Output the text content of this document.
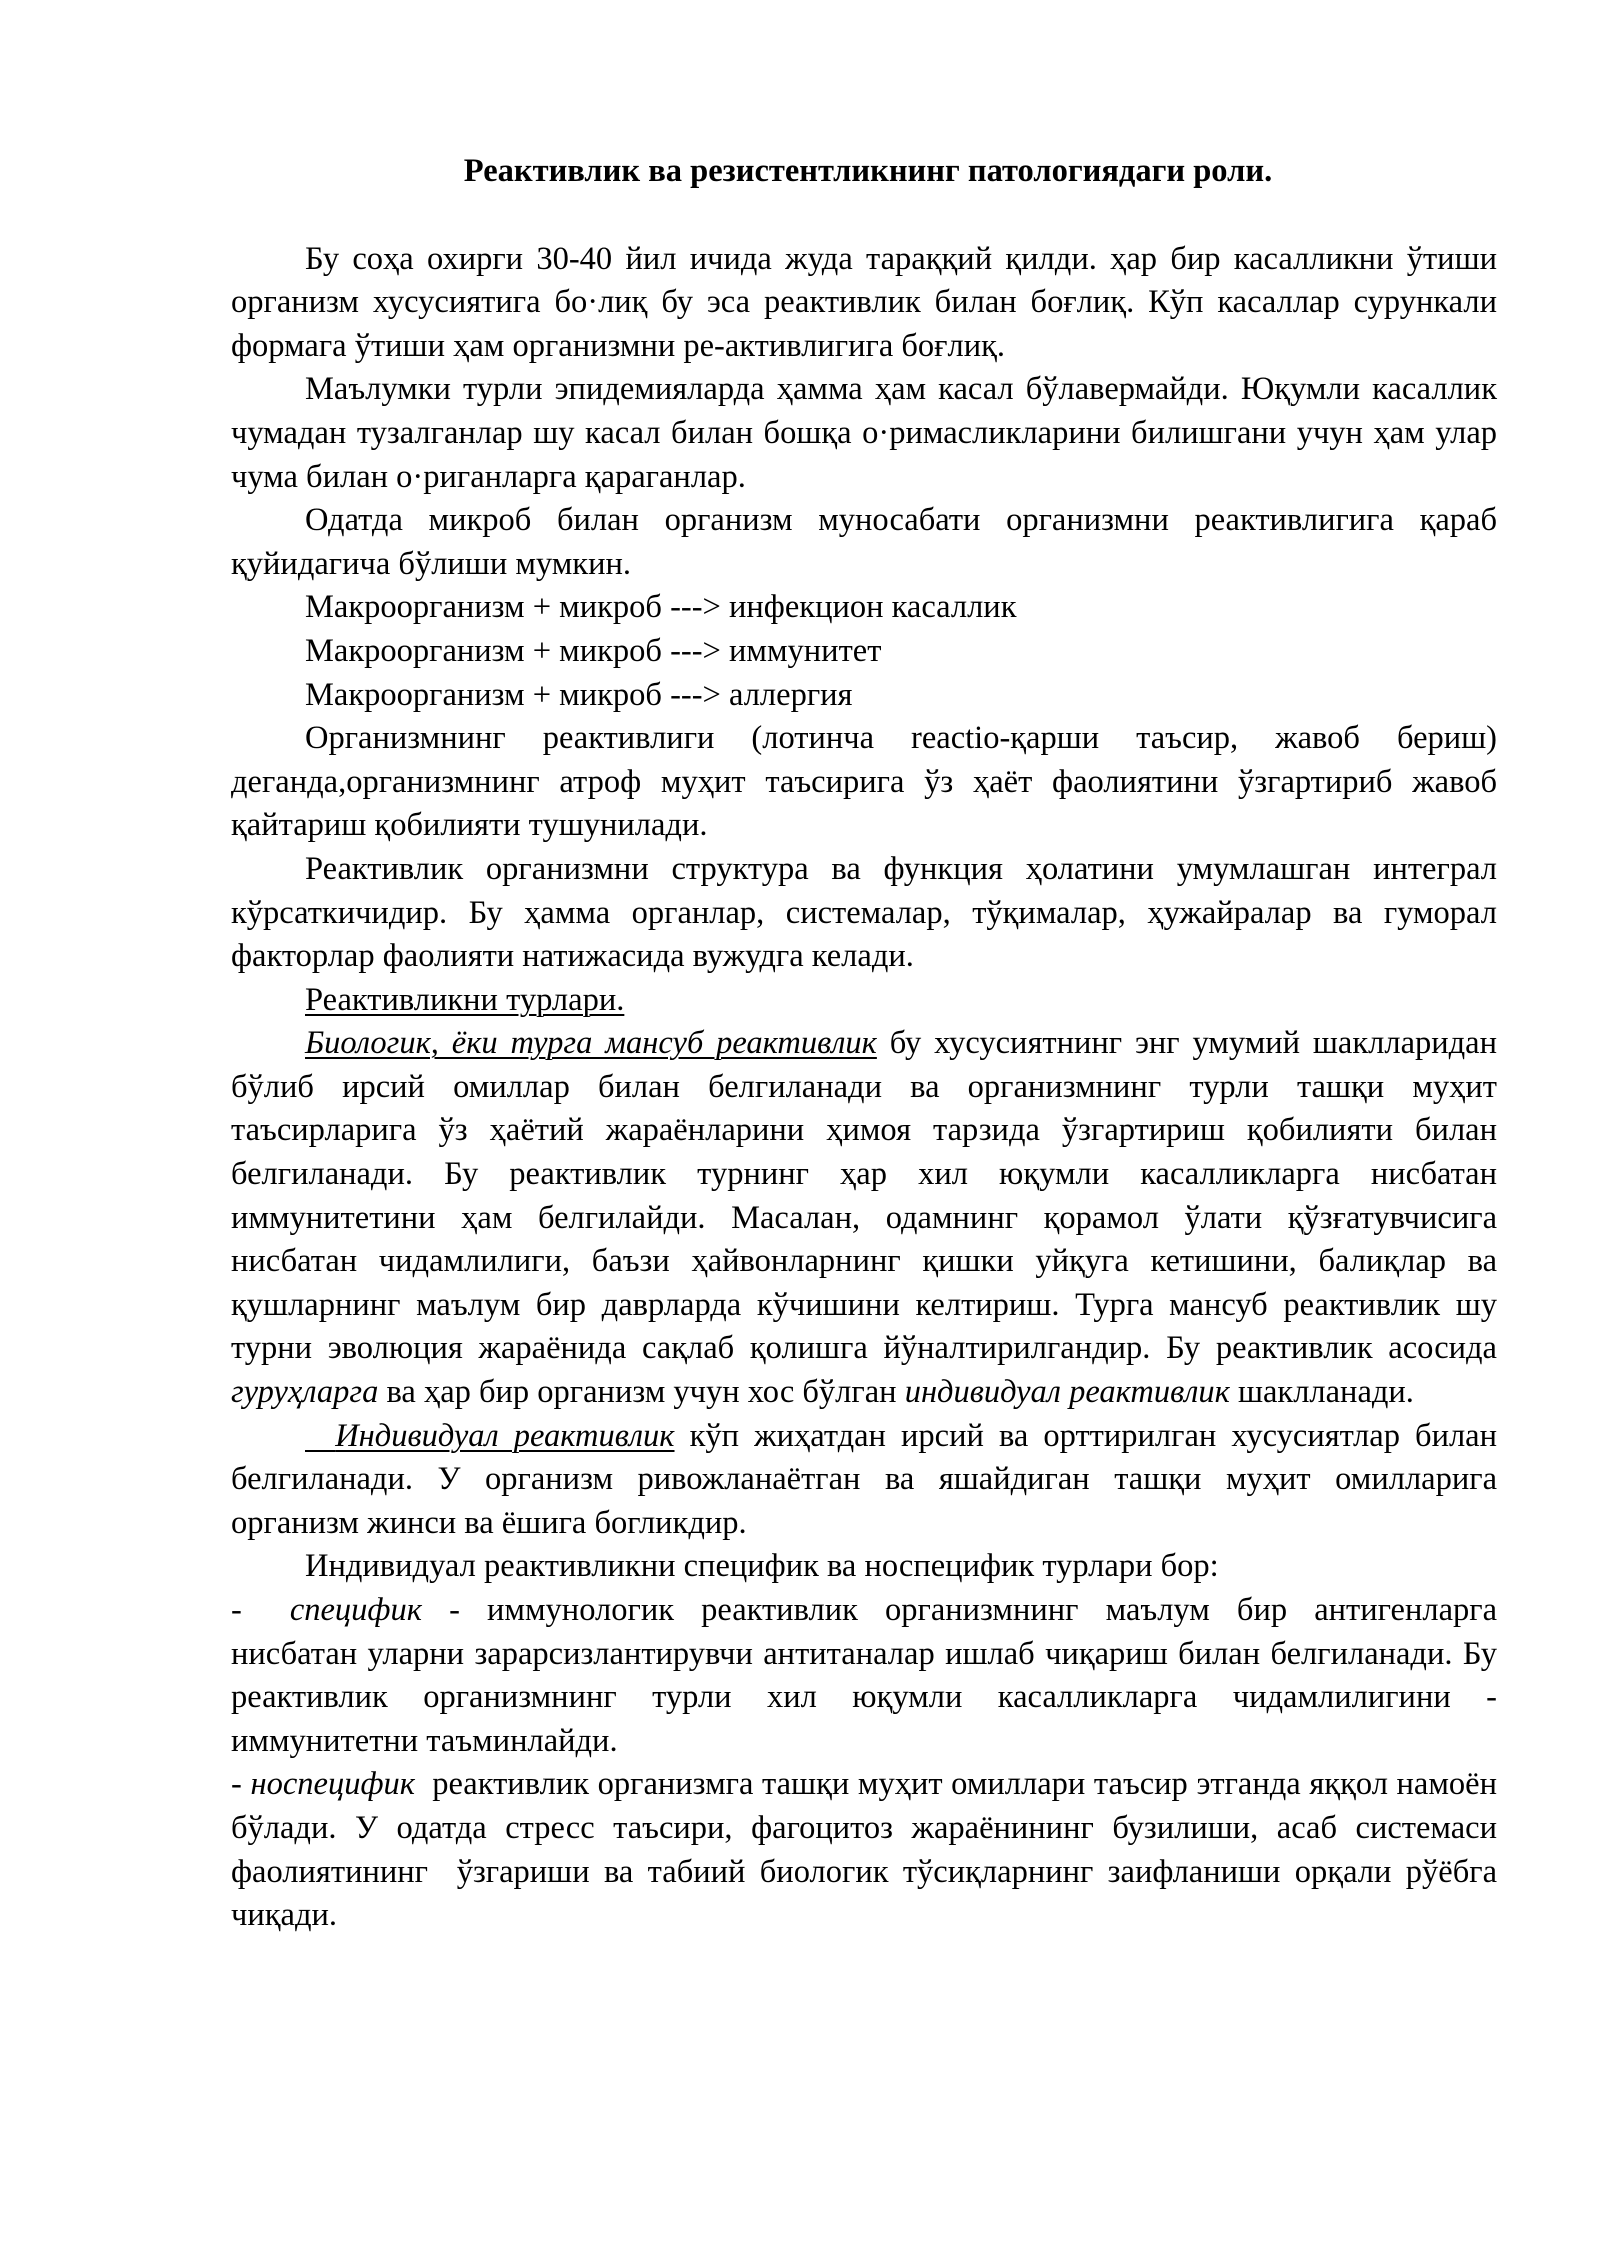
Реактивлик ва резистентликнинг патологиядаги роли.

Бу соҳа охирги 30-40 йил ичида жуда тараққий қилди. ҳар бир касалликни ўтиши организм хусусиятига бо·лиқ бу эса реактивлик билан боғлиқ. Кўп касаллар сурункали формага ўтиши ҳам организмни ре-активлигига боғлиқ.

Маълумки турли эпидемияларда ҳамма ҳам касал бўлавермайди. Юқумли касаллик чумадан тузалганлар шу касал билан бошқа о·римасликларини билишгани учун ҳам улар чума билан о·риганларга қараганлар.

Одатда микроб билан организм муносабати организмни реактивлигига қараб қуйидагича бўлиши мумкин.

Макроорганизм + микроб ---> инфекцион касаллик

Макроорганизм + микроб ---> иммунитет

Макроорганизм + микроб ---> аллергия

Организмнинг реактивлиги (лотинча reactio-қарши таъсир, жавоб бериш) деганда,организмнинг атроф муҳит таъсирига ўз ҳаёт фаолиятини ўзгартириб жавоб қайтариш қобилияти тушунилади.

Реактивлик организмни структура ва функция ҳолатини умумлашган интеграл кўрсаткичидир. Бу ҳамма органлар, системалар, тўқималар, ҳужайралар ва гуморал факторлар фаолияти натижасида вужудга келади.

Реактивликни турлари.

Биологик, ёки турга мансуб реактивлик бу хусусиятнинг энг умумий шаклларидан бўлиб ирсий омиллар билан белгиланади ва организмнинг турли ташқи муҳит таъсирларига ўз ҳаётий жараёнларини ҳимоя тарзида ўзгартириш қобилияти билан белгиланади. Бу реактивлик турнинг ҳар хил юқумли касалликларга нисбатан иммунитетини ҳам белгилайди. Масалан, одамнинг қорамол ўлати қўзғатувчисига нисбатан чидамлилиги, баъзи ҳайвонларнинг қишки уйқуга кетишини, балиқлар ва қушларнинг маълум бир даврларда кўчишини келтириш. Турга мансуб реактивлик шу турни эволюция жараёнида сақлаб қолишга йўналтирилгандир. Бу реактивлик асосида гуруҳларга ва ҳар бир организм учун хос бўлган индивидуал реактивлик шаклланади.

Индивидуал реактивлик кўп жиҳатдан ирсий ва орттирилган хусусиятлар билан белгиланади. У организм ривожланаётган ва яшайдиган ташқи муҳит омилларига организм жинси ва ёшига богликдир.

Индивидуал реактивликни специфик ва носпецифик турлари бор:

- специфик - иммунологик реактивлик организмнинг маълум бир антигенларга нисбатан уларни зарарсизлантирувчи антитаналар ишлаб чиқариш билан белгиланади. Бу реактивлик организмнинг турли хил юқумли касалликларга чидамлилигини - иммунитетни таъминлайди.

- носпецифик  реактивлик организмга ташқи муҳит омиллари таъсир этганда яққол намоён бўлади. У одатда стресс таъсири, фагоцитоз жараёнининг бузилиши, асаб системаси фаолиятининг  ўзгариши ва табиий биологик тўсиқларнинг заифланиши орқали рўёбга чиқади.
